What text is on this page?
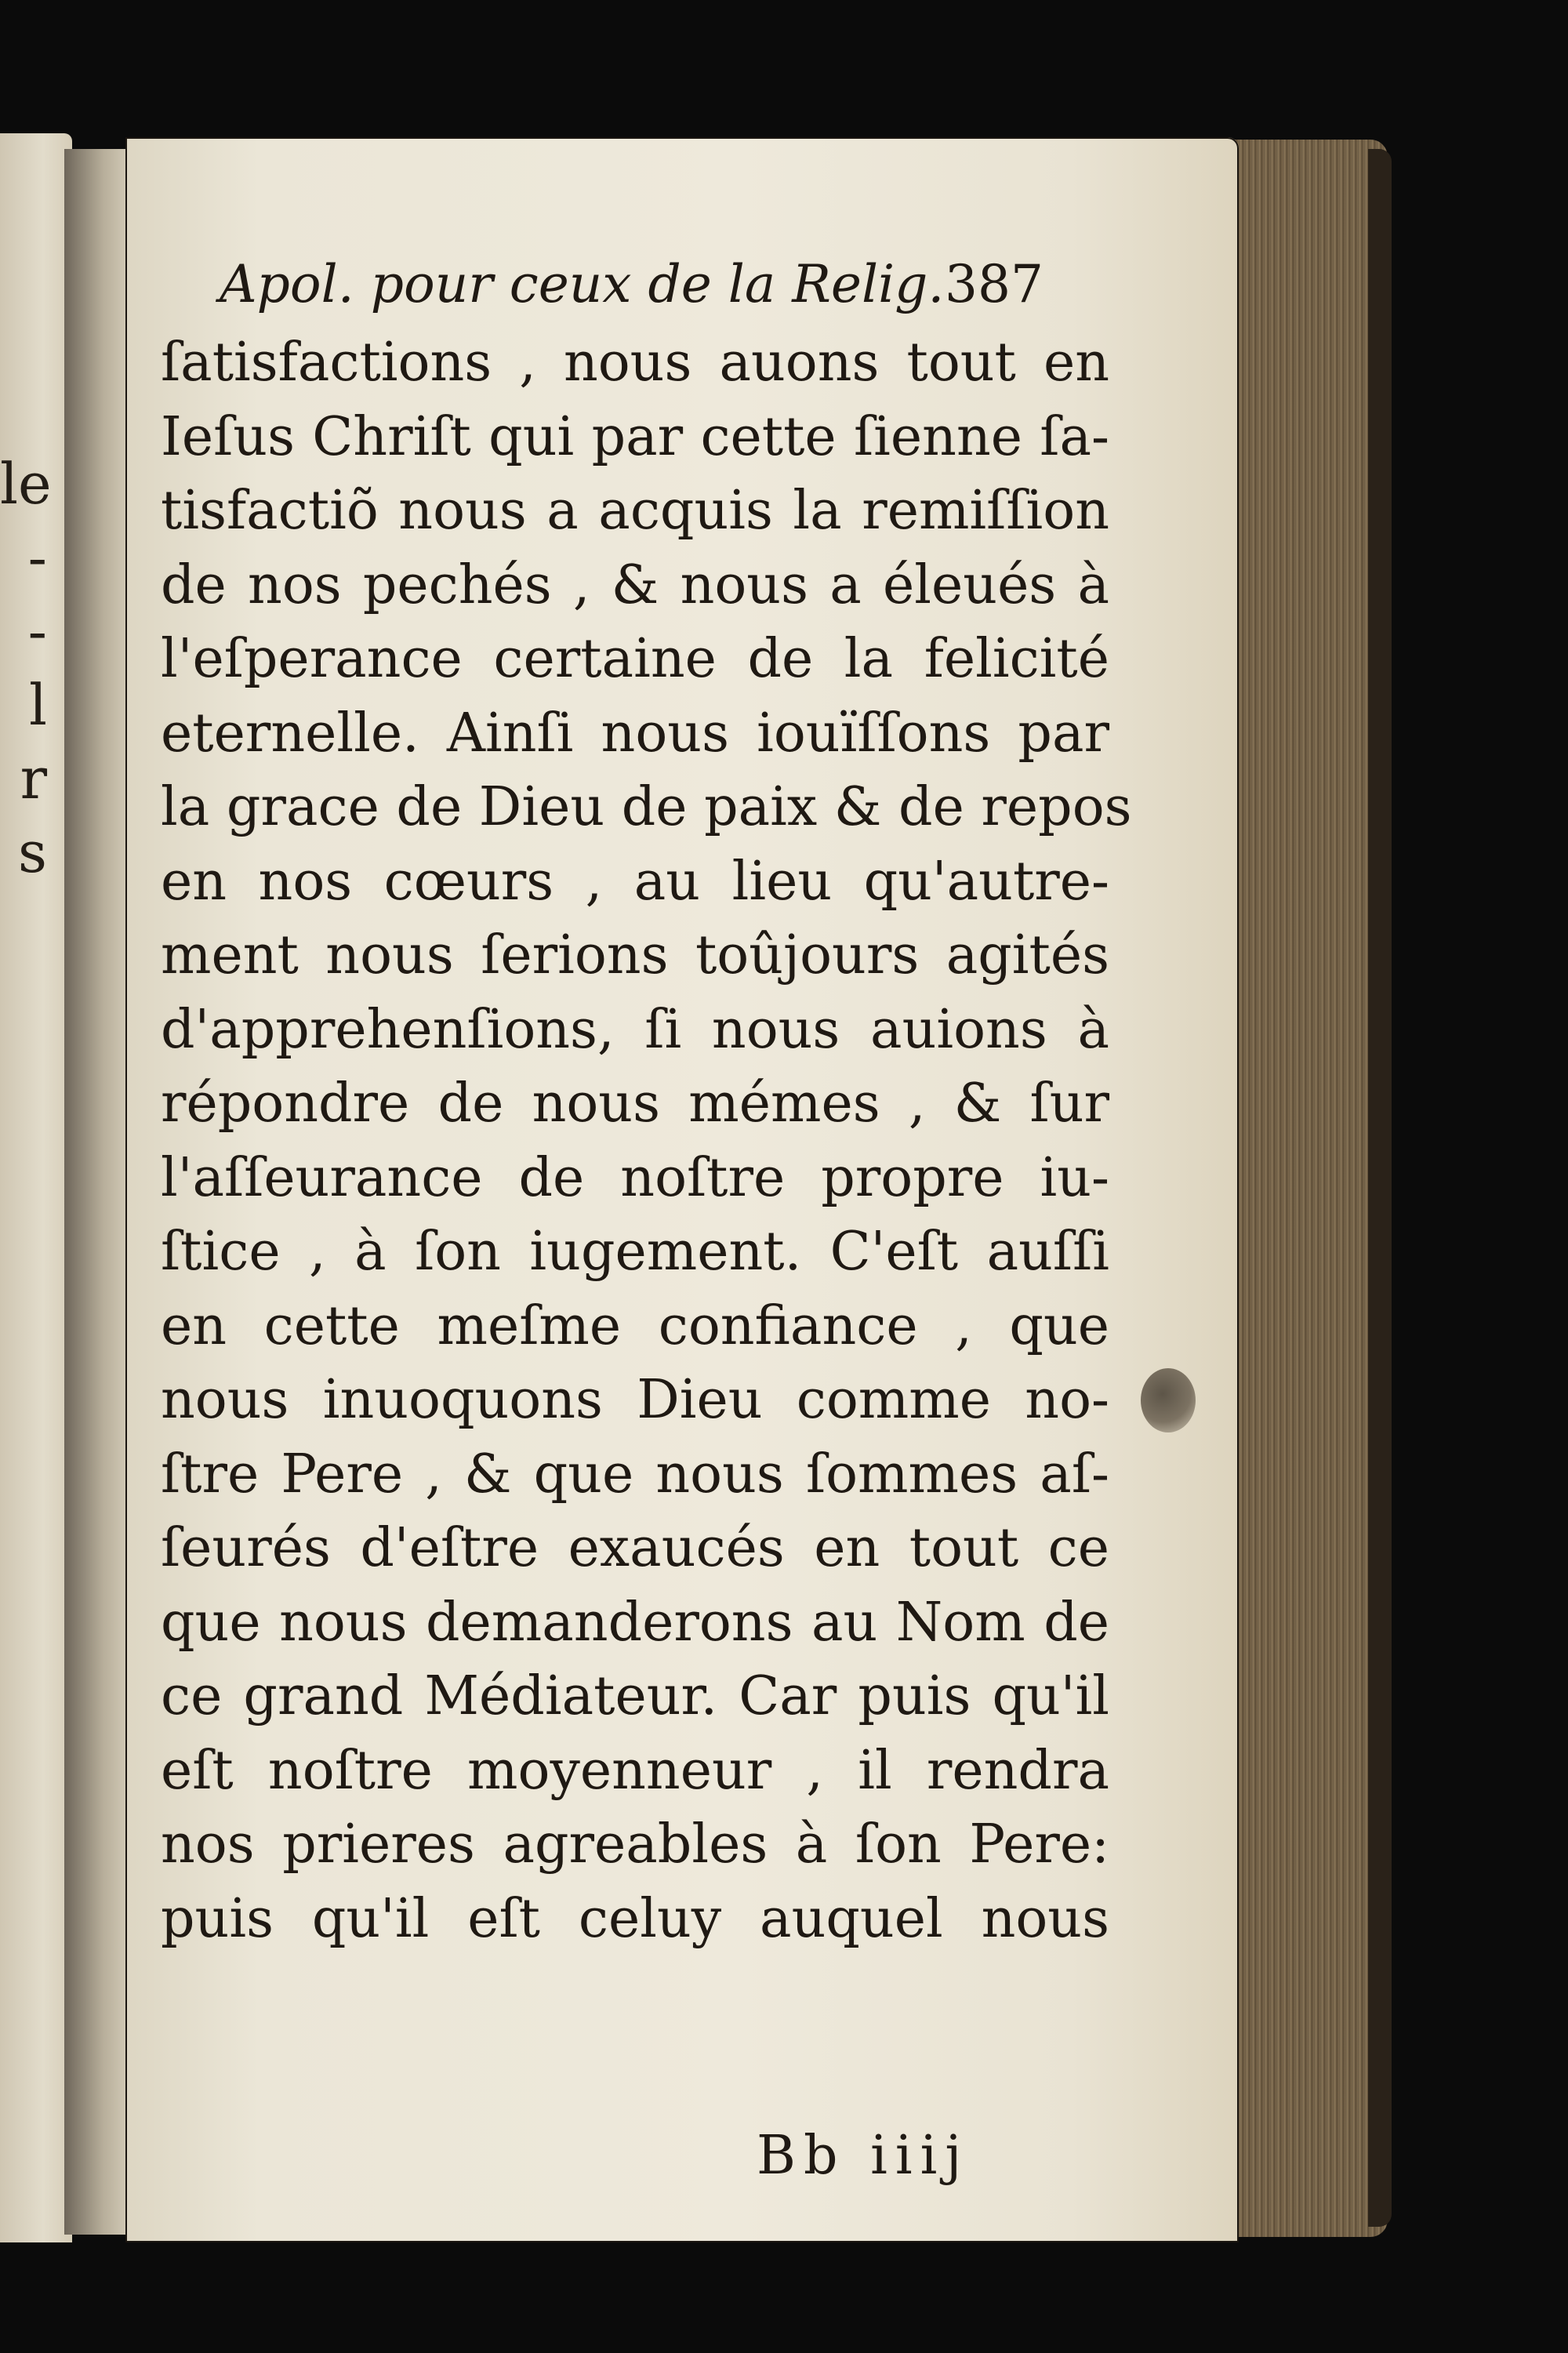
le
-
-
l
r
s
Apol. pour ceux de la Relig. 387
ſatisfactions , nous auons tout en
Ieſus Chriſt qui par cette ſienne ſa-
tisfactiõ nous a acquis la remiſſion
de nos pechés , & nous a éleués à
l'eſperance certaine de la felicité
eternelle. Ainſi nous iouïſſons par
la grace de Dieu de paix & de repos
en nos cœurs , au lieu qu'autre-
ment nous ſerions toûjours agités
d'apprehenſions, ſi nous auions à
répondre de nous mémes , & ſur
l'aſſeurance de noſtre propre iu-
ſtice , à ſon iugement. C'eſt auſſi
en cette meſme confiance , que
nous inuoquons Dieu comme no-
ſtre Pere , & que nous ſommes aſ-
ſeurés d'eſtre exaucés en tout ce
que nous demanderons au Nom de
ce grand Médiateur. Car puis qu'il
eſt noſtre moyenneur , il rendra
nos prieres agreables à ſon Pere:
puis qu'il eſt celuy auquel nous
Bb iiij
